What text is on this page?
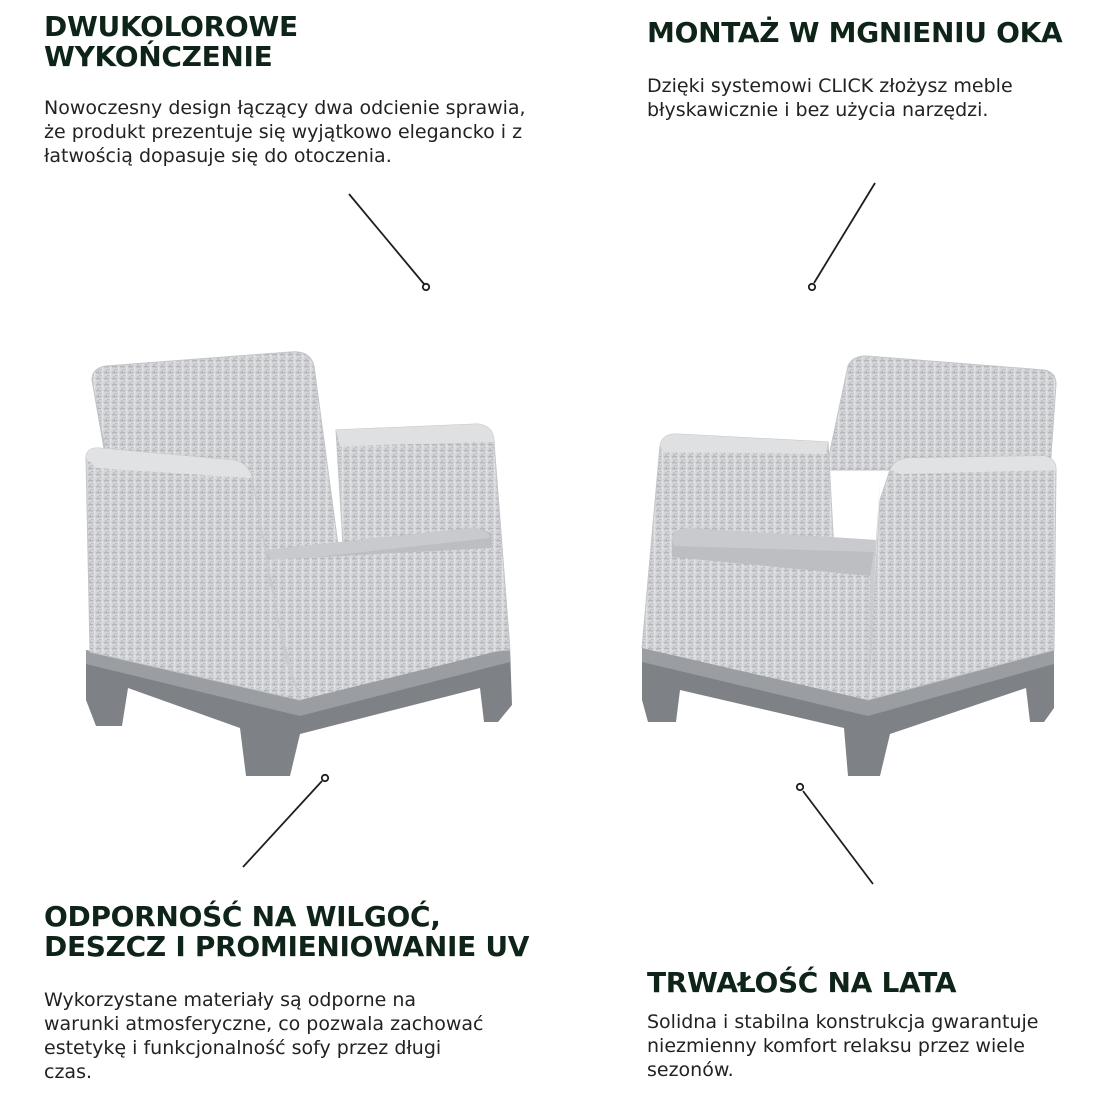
DWUKOLOROWE
WYKOŃCZENIE

Nowoczesny design łączący dwa odcienie sprawia, że produkt prezentuje się wyjątkowo elegancko i z łatwością dopasuje się do otoczenia.

MONTAŻ W MGNIENIU OKA

Dzięki systemowi CLICK złożysz meble błyskawicznie i bez użycia narzędzi.

ODPORNOŚĆ NA WILGOĆ,
DESZCZ I PROMIENIOWANIE UV

Wykorzystane materiały są odporne na warunki atmosferyczne, co pozwala zachować estetykę i funkcjonalność sofy przez długi czas.

TRWAŁOŚĆ NA LATA

Solidna i stabilna konstrukcja gwarantuje niezmienny komfort relaksu przez wiele sezonów.
